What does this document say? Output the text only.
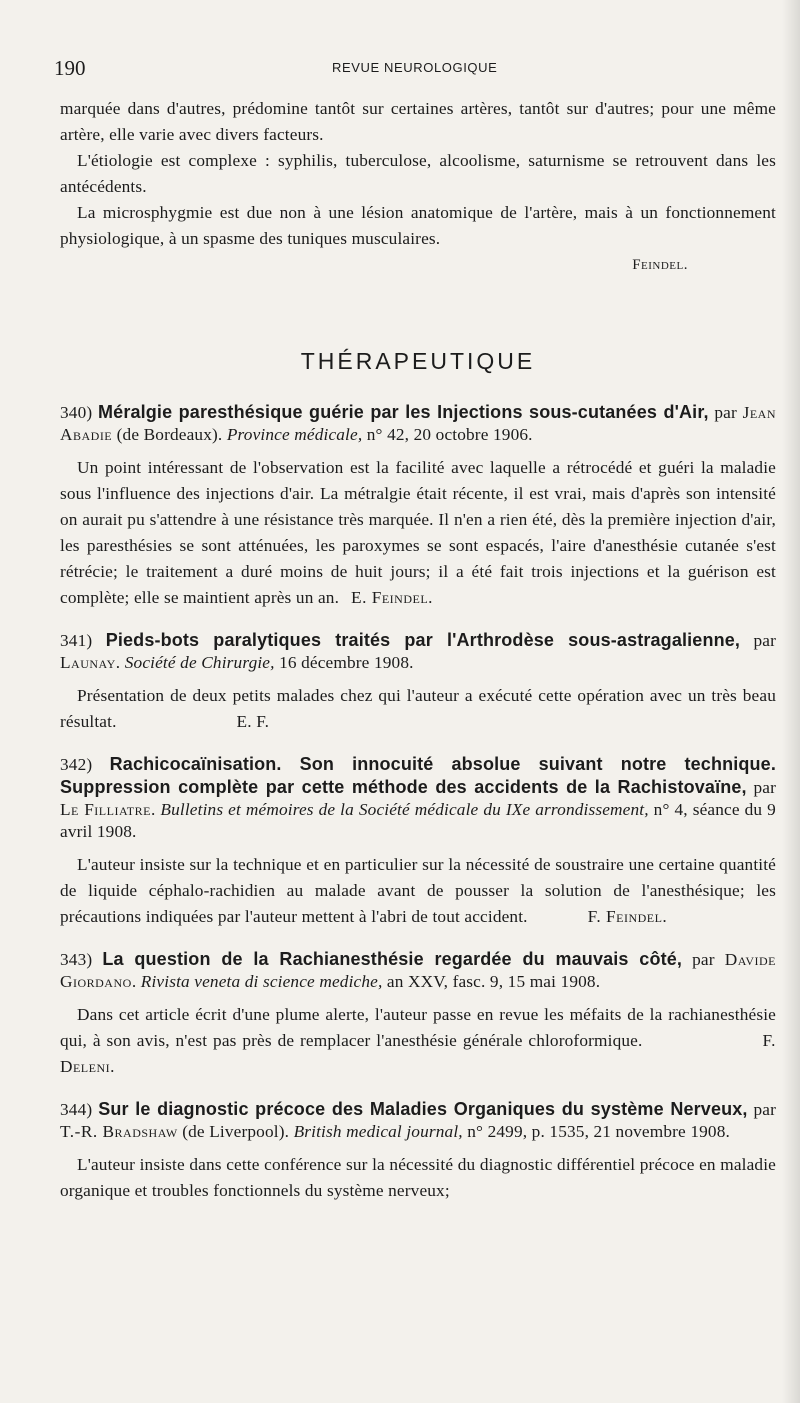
190	REVUE NEUROLOGIQUE

marquée dans d'autres, prédomine tantôt sur certaines artères, tantôt sur d'autres; pour une même artère, elle varie avec divers facteurs.

L'étiologie est complexe : syphilis, tuberculose, alcoolisme, saturnisme se retrouvent dans les antécédents.

La microsphygmie est due non à une lésion anatomique de l'artère, mais à un fonctionnement physiologique, à un spasme des tuniques musculaires.

Feindel.

THÉRAPEUTIQUE

340) Méralgie paresthésique guérie par les Injections sous-cutanées d'Air, par Jean Abadie (de Bordeaux). Province médicale, n° 42, 20 octobre 1906.

Un point intéressant de l'observation est la facilité avec laquelle a rétrocédé et guéri la maladie sous l'influence des injections d'air. La métralgie était récente, il est vrai, mais d'après son intensité on aurait pu s'attendre à une résistance très marquée. Il n'en a rien été, dès la première injection d'air, les paresthésies se sont atténuées, les paroxymes se sont espacés, l'aire d'anesthésie cutanée s'est rétrécie; le traitement a duré moins de huit jours; il a été fait trois injections et la guérison est complète; elle se maintient après un an. E. Feindel.

341) Pieds-bots paralytiques traités par l'Arthrodèse sous-astragalienne, par Launay. Société de Chirurgie, 16 décembre 1908.

Présentation de deux petits malades chez qui l'auteur a exécuté cette opération avec un très beau résultat.	E. F.

342) Rachicocaïnisation. Son innocuité absolue suivant notre technique. Suppression complète par cette méthode des accidents de la Rachistovaïne, par Le Filliatre. Bulletins et mémoires de la Société médicale du IXe arrondissement, n° 4, séance du 9 avril 1908.

L'auteur insiste sur la technique et en particulier sur la nécessité de soustraire une certaine quantité de liquide céphalo-rachidien au malade avant de pousser la solution de l'anesthésique; les précautions indiquées par l'auteur mettent à l'abri de tout accident.	F. Feindel.

343) La question de la Rachianesthésie regardée du mauvais côté, par Davide Giordano. Rivista veneta di science mediche, an XXV, fasc. 9, 15 mai 1908.

Dans cet article écrit d'une plume alerte, l'auteur passe en revue les méfaits de la rachianesthésie qui, à son avis, n'est pas près de remplacer l'anesthésie générale chloroformique.	F. Deleni.

344) Sur le diagnostic précoce des Maladies Organiques du système Nerveux, par T.-R. Bradshaw (de Liverpool). British medical journal, n° 2499, p. 1535, 21 novembre 1908.

L'auteur insiste dans cette conférence sur la nécessité du diagnostic différentiel précoce en maladie organique et troubles fonctionnels du système nerveux;
